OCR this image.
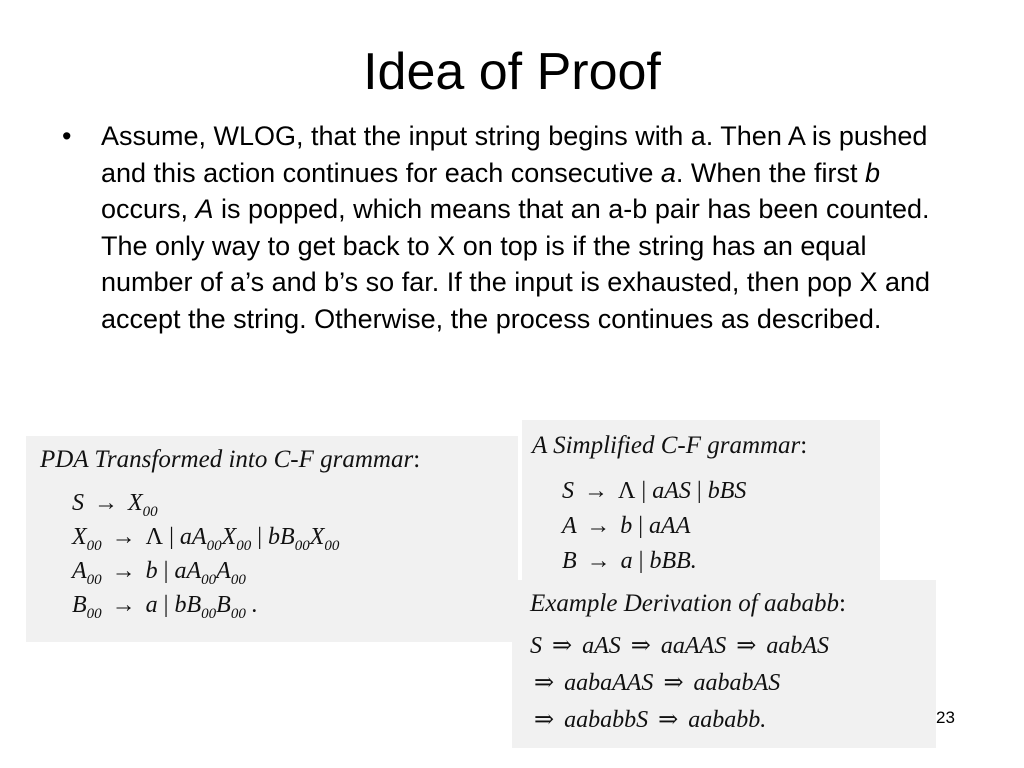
Idea of Proof
• Assume, WLOG, that the input string begins with a. Then A is pushed and this action continues for each consecutive a. When the first b occurs, A is popped, which means that an a-b pair has been counted. The only way to get back to X on top is if the string has an equal number of a’s and b’s so far. If the input is exhausted, then pop X and accept the string. Otherwise, the process continues as described.
PDA Transformed into C-F grammar:
$S \to X_{00}$
$X_{00} \to \Lambda$ | $aA_{00}X_{00}$ | $bB_{00}X_{00}$
$A_{00} \to b$ | $aA_{00}A_{00}$
$B_{00} \to a$ | $bB_{00}B_{00}$ .
A Simplified C-F grammar:
S → Λ | aAS | bBS
A → b | aAA
B → a | bBB.
Example Derivation of aababb:
S ⇒ aAS ⇒ aaAAS ⇒ aabAS
⇒ aabaAAS ⇒ aababAS
⇒ aababbS ⇒ aababb.	23
